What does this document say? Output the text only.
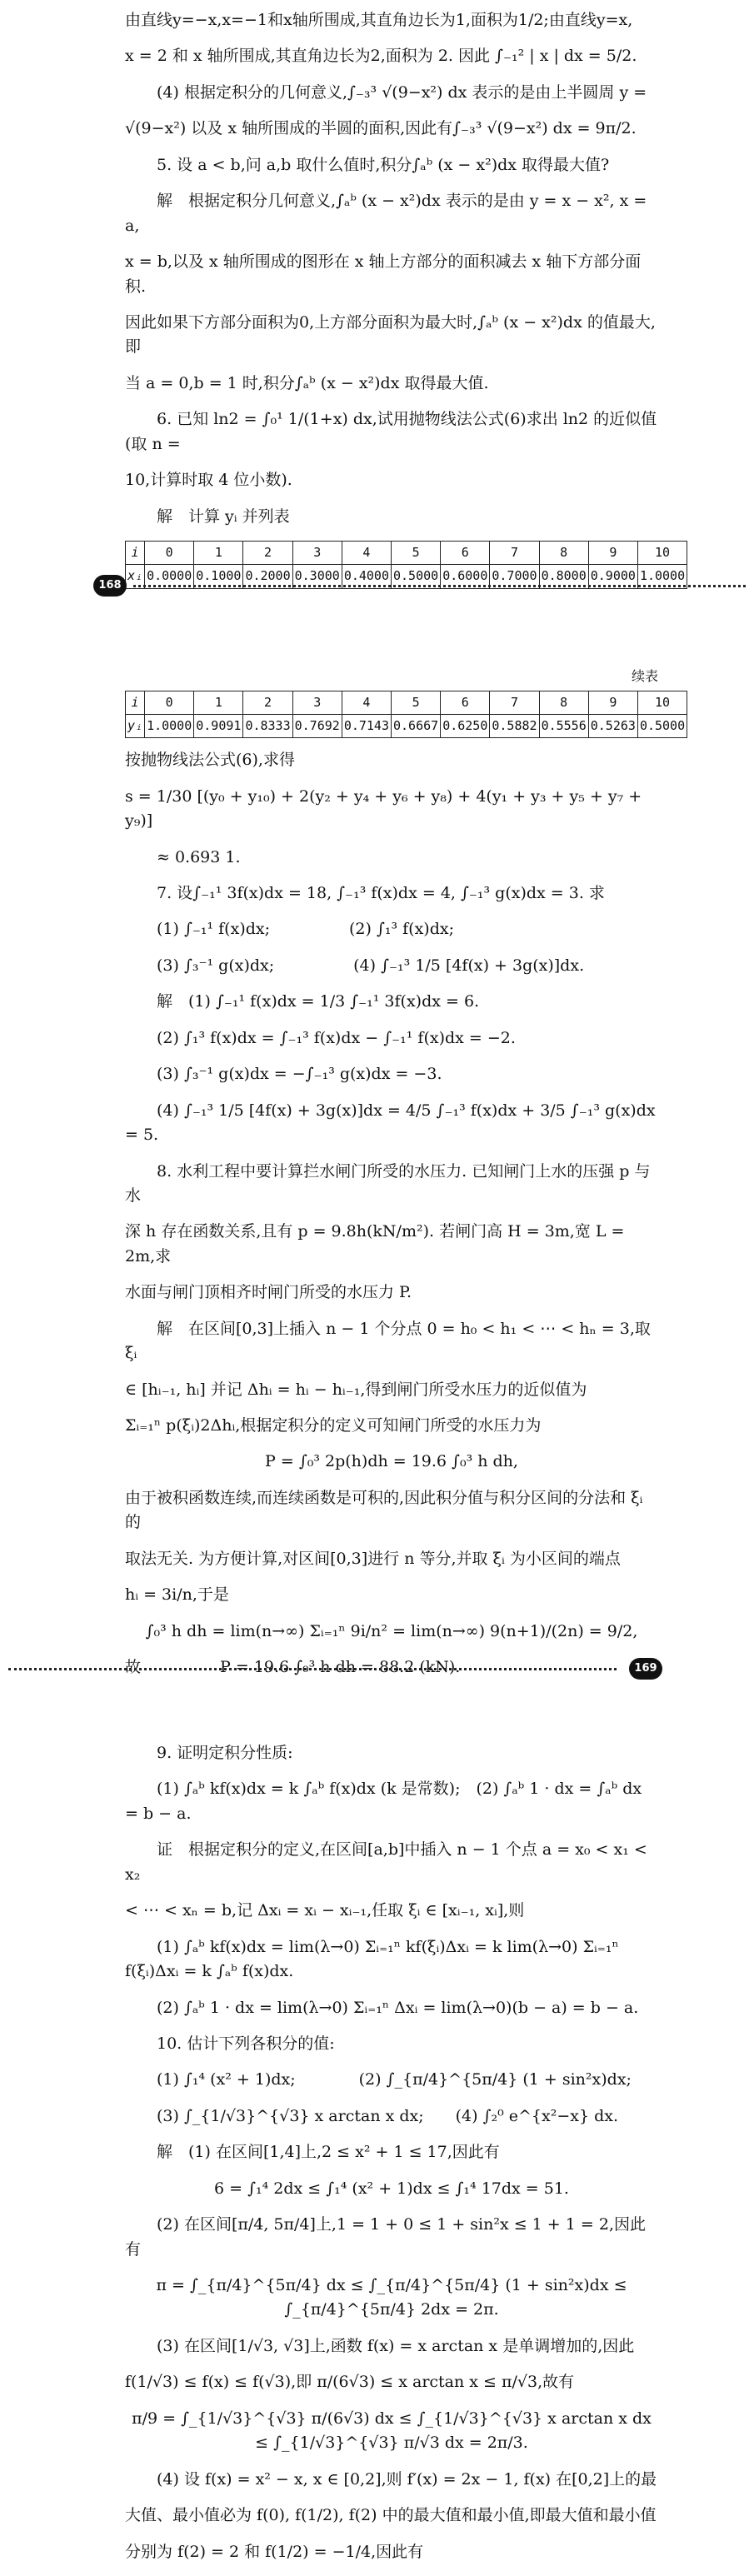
由直线y=−x,x=−1和x轴所围成,其直角边长为1,面积为1/2;由直线y=x,
x = 2 和 x 轴所围成,其直角边长为2,面积为 2. 因此 ∫₋₁² | x | dx = 5/2.
(4) 根据定积分的几何意义,∫₋₃³ √(9−x²) dx 表示的是由上半圆周 y =
√(9−x²) 以及 x 轴所围成的半圆的面积,因此有∫₋₃³ √(9−x²) dx = 9π/2.
5. 设 a < b,问 a,b 取什么值时,积分∫ₐᵇ (x − x²)dx 取得最大值?
解　根据定积分几何意义,∫ₐᵇ (x − x²)dx 表示的是由 y = x − x², x = a,
x = b,以及 x 轴所围成的图形在 x 轴上方部分的面积减去 x 轴下方部分面积.
因此如果下方部分面积为0,上方部分面积为最大时,∫ₐᵇ (x − x²)dx 的值最大,即
当 a = 0,b = 1 时,积分∫ₐᵇ (x − x²)dx 取得最大值.
6. 已知 ln2 = ∫₀¹ 1/(1+x) dx,试用抛物线法公式(6)求出 ln2 的近似值(取 n =
10,计算时取 4 位小数).
解　计算 yᵢ 并列表
i	0	1	2	3	4	5	6	7	8	9	10
xᵢ	0.0000	0.1000	0.2000	0.3000	0.4000	0.5000	0.6000	0.7000	0.8000	0.9000	1.0000
168
续表
i	0	1	2	3	4	5	6	7	8	9	10
yᵢ	1.0000	0.9091	0.8333	0.7692	0.7143	0.6667	0.6250	0.5882	0.5556	0.5263	0.5000
按抛物线法公式(6),求得
s = 1/30 [(y₀ + y₁₀) + 2(y₂ + y₄ + y₆ + y₈) + 4(y₁ + y₃ + y₅ + y₇ + y₉)]
≈ 0.693 1.
7. 设∫₋₁¹ 3f(x)dx = 18, ∫₋₁³ f(x)dx = 4, ∫₋₁³ g(x)dx = 3. 求
(1) ∫₋₁¹ f(x)dx;　　　　　(2) ∫₁³ f(x)dx;
(3) ∫₃⁻¹ g(x)dx;　　　　　(4) ∫₋₁³ 1/5 [4f(x) + 3g(x)]dx.
解　(1) ∫₋₁¹ f(x)dx = 1/3 ∫₋₁¹ 3f(x)dx = 6.
(2) ∫₁³ f(x)dx = ∫₋₁³ f(x)dx − ∫₋₁¹ f(x)dx = −2.
(3) ∫₃⁻¹ g(x)dx = −∫₋₁³ g(x)dx = −3.
(4) ∫₋₁³ 1/5 [4f(x) + 3g(x)]dx = 4/5 ∫₋₁³ f(x)dx + 3/5 ∫₋₁³ g(x)dx = 5.
8. 水利工程中要计算拦水闸门所受的水压力. 已知闸门上水的压强 p 与水
深 h 存在函数关系,且有 p = 9.8h(kN/m²). 若闸门高 H = 3m,宽 L = 2m,求
水面与闸门顶相齐时闸门所受的水压力 P.
解　在区间[0,3]上插入 n − 1 个分点 0 = h₀ < h₁ < ⋯ < hₙ = 3,取 ξᵢ
∈ [hᵢ₋₁, hᵢ] 并记 Δhᵢ = hᵢ − hᵢ₋₁,得到闸门所受水压力的近似值为
Σᵢ₌₁ⁿ p(ξᵢ)2Δhᵢ,根据定积分的定义可知闸门所受的水压力为
P = ∫₀³ 2p(h)dh = 19.6 ∫₀³ h dh,
由于被积函数连续,而连续函数是可积的,因此积分值与积分区间的分法和 ξᵢ 的
取法无关. 为方便计算,对区间[0,3]进行 n 等分,并取 ξᵢ 为小区间的端点
hᵢ = 3i/n,于是
∫₀³ h dh = lim(n→∞) Σᵢ₌₁ⁿ 9i/n² = lim(n→∞) 9(n+1)/(2n) = 9/2,
故　　　　　P = 19.6 ∫₀³ h dh = 88.2 (kN).	169
9. 证明定积分性质:
(1) ∫ₐᵇ kf(x)dx = k ∫ₐᵇ f(x)dx (k 是常数);　(2) ∫ₐᵇ 1 · dx = ∫ₐᵇ dx = b − a.
证　根据定积分的定义,在区间[a,b]中插入 n − 1 个点 a = x₀ < x₁ < x₂
< ⋯ < xₙ = b,记 Δxᵢ = xᵢ − xᵢ₋₁,任取 ξᵢ ∈ [xᵢ₋₁, xᵢ],则
(1) ∫ₐᵇ kf(x)dx = lim(λ→0) Σᵢ₌₁ⁿ kf(ξᵢ)Δxᵢ = k lim(λ→0) Σᵢ₌₁ⁿ f(ξᵢ)Δxᵢ = k ∫ₐᵇ f(x)dx.
(2) ∫ₐᵇ 1 · dx = lim(λ→0) Σᵢ₌₁ⁿ Δxᵢ = lim(λ→0)(b − a) = b − a.
10. 估计下列各积分的值:
(1) ∫₁⁴ (x² + 1)dx;　　　　(2) ∫_{π/4}^{5π/4} (1 + sin²x)dx;
(3) ∫_{1/√3}^{√3} x arctan x dx;　　(4) ∫₂⁰ e^{x²−x} dx.
解　(1) 在区间[1,4]上,2 ≤ x² + 1 ≤ 17,因此有
6 = ∫₁⁴ 2dx ≤ ∫₁⁴ (x² + 1)dx ≤ ∫₁⁴ 17dx = 51.
(2) 在区间[π/4, 5π/4]上,1 = 1 + 0 ≤ 1 + sin²x ≤ 1 + 1 = 2,因此有
π = ∫_{π/4}^{5π/4} dx ≤ ∫_{π/4}^{5π/4} (1 + sin²x)dx ≤ ∫_{π/4}^{5π/4} 2dx = 2π.
(3) 在区间[1/√3, √3]上,函数 f(x) = x arctan x 是单调增加的,因此
f(1/√3) ≤ f(x) ≤ f(√3),即 π/(6√3) ≤ x arctan x ≤ π/√3,故有
π/9 = ∫_{1/√3}^{√3} π/(6√3) dx ≤ ∫_{1/√3}^{√3} x arctan x dx ≤ ∫_{1/√3}^{√3} π/√3 dx = 2π/3.
(4) 设 f(x) = x² − x, x ∈ [0,2],则 f′(x) = 2x − 1, f(x) 在[0,2]上的最
大值、最小值必为 f(0), f(1/2), f(2) 中的最大值和最小值,即最大值和最小值
分别为 f(2) = 2 和 f(1/2) = −1/4,因此有
